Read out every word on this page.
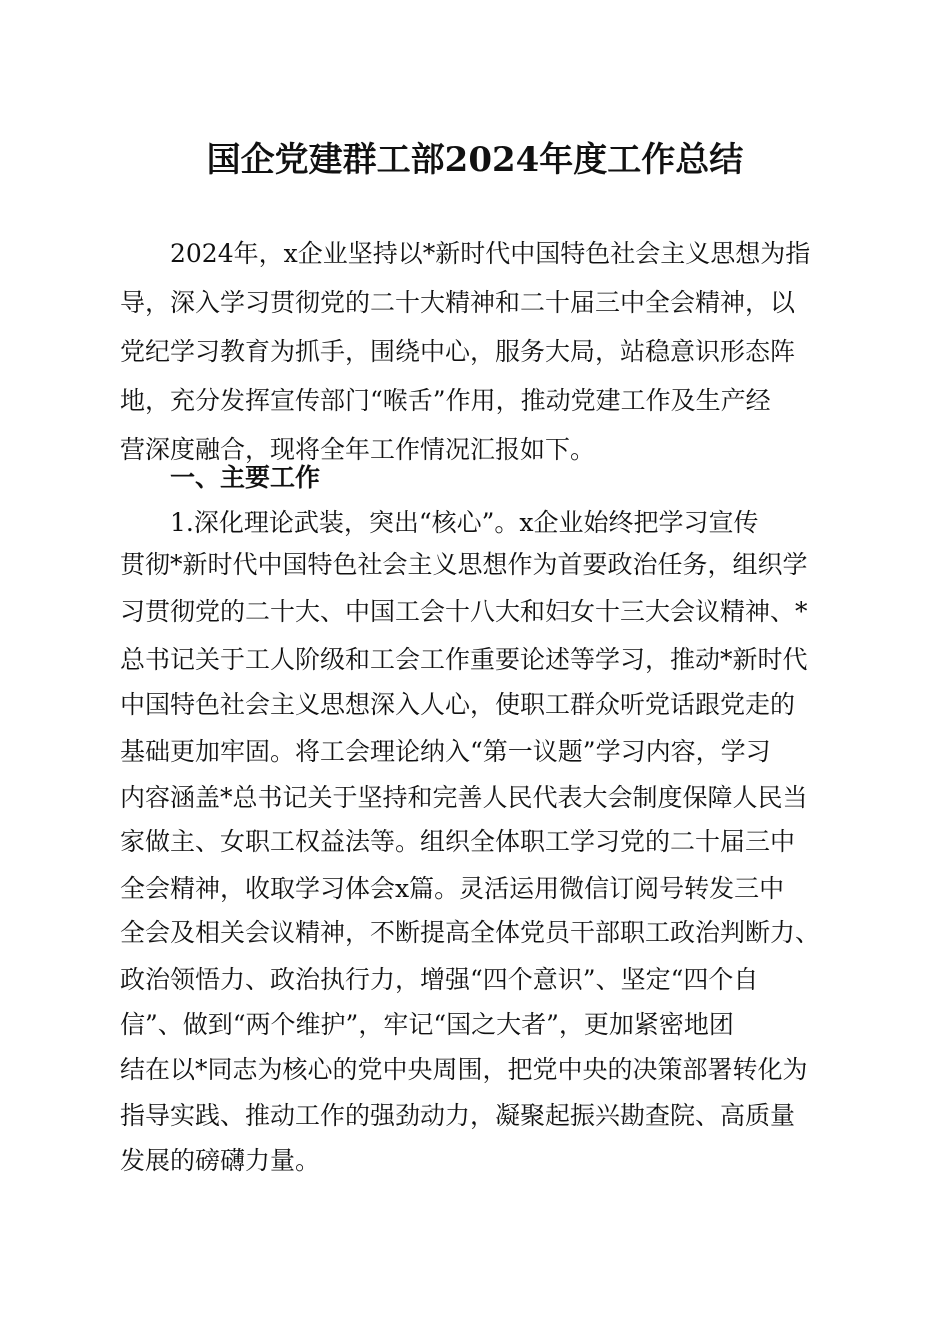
国企党建群工部2024年度工作总结

2024年，x企业坚持以*新时代中国特色社会主义思想为指

导，深入学习贯彻党的二十大精神和二十届三中全会精神，以

党纪学习教育为抓手，围绕中心，服务大局，站稳意识形态阵

地，充分发挥宣传部门“喉舌”作用，推动党建工作及生产经

营深度融合，现将全年工作情况汇报如下。

一、主要工作

1.深化理论武装，突出“核心”。x企业始终把学习宣传

贯彻*新时代中国特色社会主义思想作为首要政治任务，组织学

习贯彻党的二十大、中国工会十八大和妇女十三大会议精神、*

总书记关于工人阶级和工会工作重要论述等学习，推动*新时代

中国特色社会主义思想深入人心，使职工群众听党话跟党走的

基础更加牢固。将工会理论纳入“第一议题”学习内容，学习

内容涵盖*总书记关于坚持和完善人民代表大会制度保障人民当

家做主、女职工权益法等。组织全体职工学习党的二十届三中

全会精神，收取学习体会x篇。灵活运用微信订阅号转发三中

全会及相关会议精神，不断提高全体党员干部职工政治判断力、

政治领悟力、政治执行力，增强“四个意识”、坚定“四个自

信”、做到“两个维护”，牢记“国之大者”，更加紧密地团

结在以*同志为核心的党中央周围，把党中央的决策部署转化为

指导实践、推动工作的强劲动力，凝聚起振兴勘查院、高质量

发展的磅礴力量。
